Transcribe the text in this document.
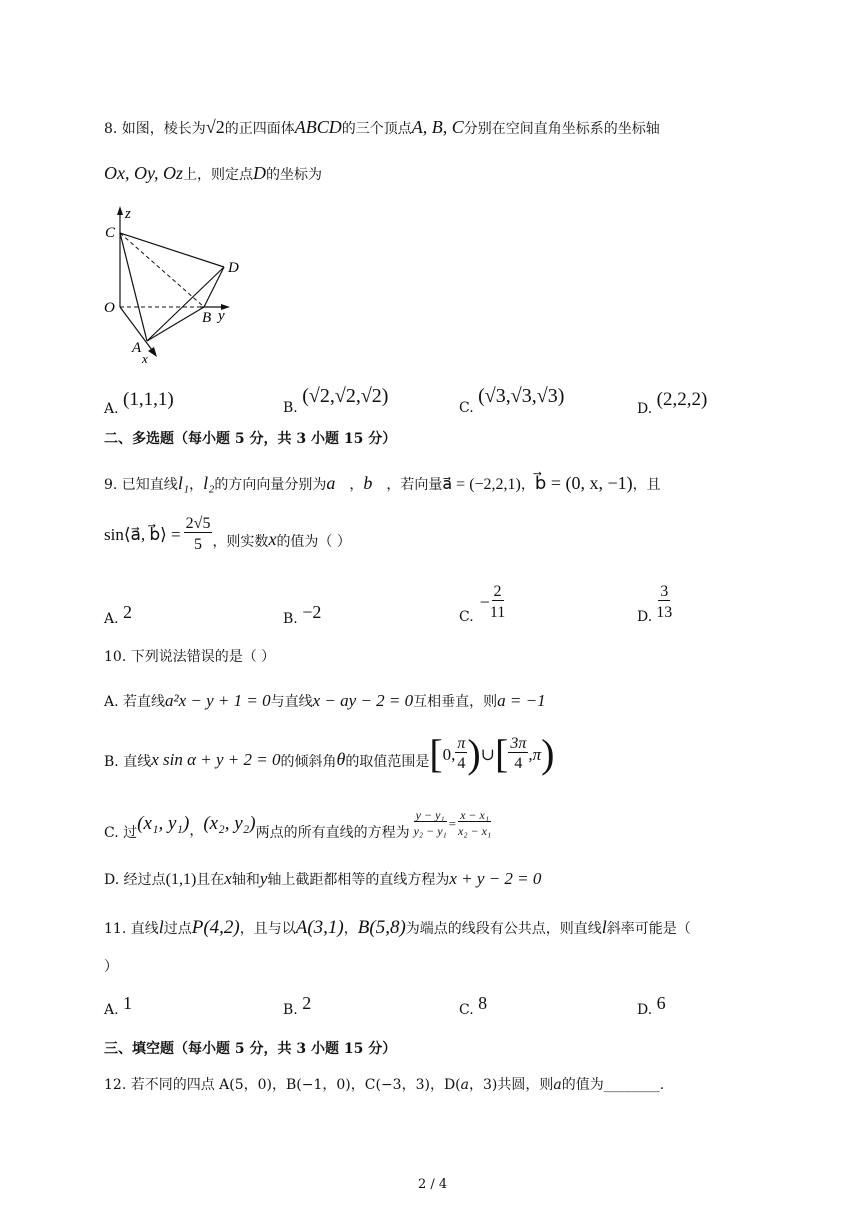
8. 如图，棱长为√2的正四面体ABCD的三个顶点A, B, C分别在空间直角坐标系的坐标轴
Ox, Oy, Oz上，则定点D的坐标为
z
C
D
O
B y
A
x
A. (1,1,1)	B. (√2,√2,√2)
C. (√3,√3,√3)
D. (2,2,2)
二、多选题（每小题 5 分，共 3 小题 15 分）
9. 已知直线l₁，l₂的方向向量分别为a⃗，b⃗，若向量a⃗ = (−2,2,1)，b⃗ = (0, x, −1)，且
sin⟨a⃗, b⃗⟩ = $\frac{2√5}{5}$ ，则实数 x 的值为（ ）
A. 2	B. −2	C.
− $\frac{2}{11}$	D. $\frac{3}{13}$
10. 下列说法错误的是（ ）
A. 若直线a²x − y + 1 = 0与直线x − ay − 2 = 0互相垂直，则a = −1
B. 直线 x sin α + y + 2 = 0 的倾斜角 θ 的取值范围是 [ 0, $\frac{\pi}{4}$ ) ∪ [ $\frac{3\pi}{4} ,\pi$ )
C. 过 (x₁, y₁) ， (x₂, y₂) 两点的所有直线的方程为 $\frac{\text{y − y₁}}{\text{y₂ − y₁}} = \frac{\text{x − x₁}}{\text{x₂ − x₁}}$
D. 经过点(1,1)且在x轴和y轴上截距都相等的直线方程为x + y − 2 = 0
11. 直线l过点P(4,2)，且与以A(3,1)，B(5,8)为端点的线段有公共点，则直线l斜率可能是（
）
A. 1	B. 2	C. 8	D. 6
三、填空题（每小题 5 分，共 3 小题 15 分）
12. 若不同的四点 A(5，0)，B(−1，0)，C(−3，3)，D(a，3)共圆，则a的值为________.
2 / 4
